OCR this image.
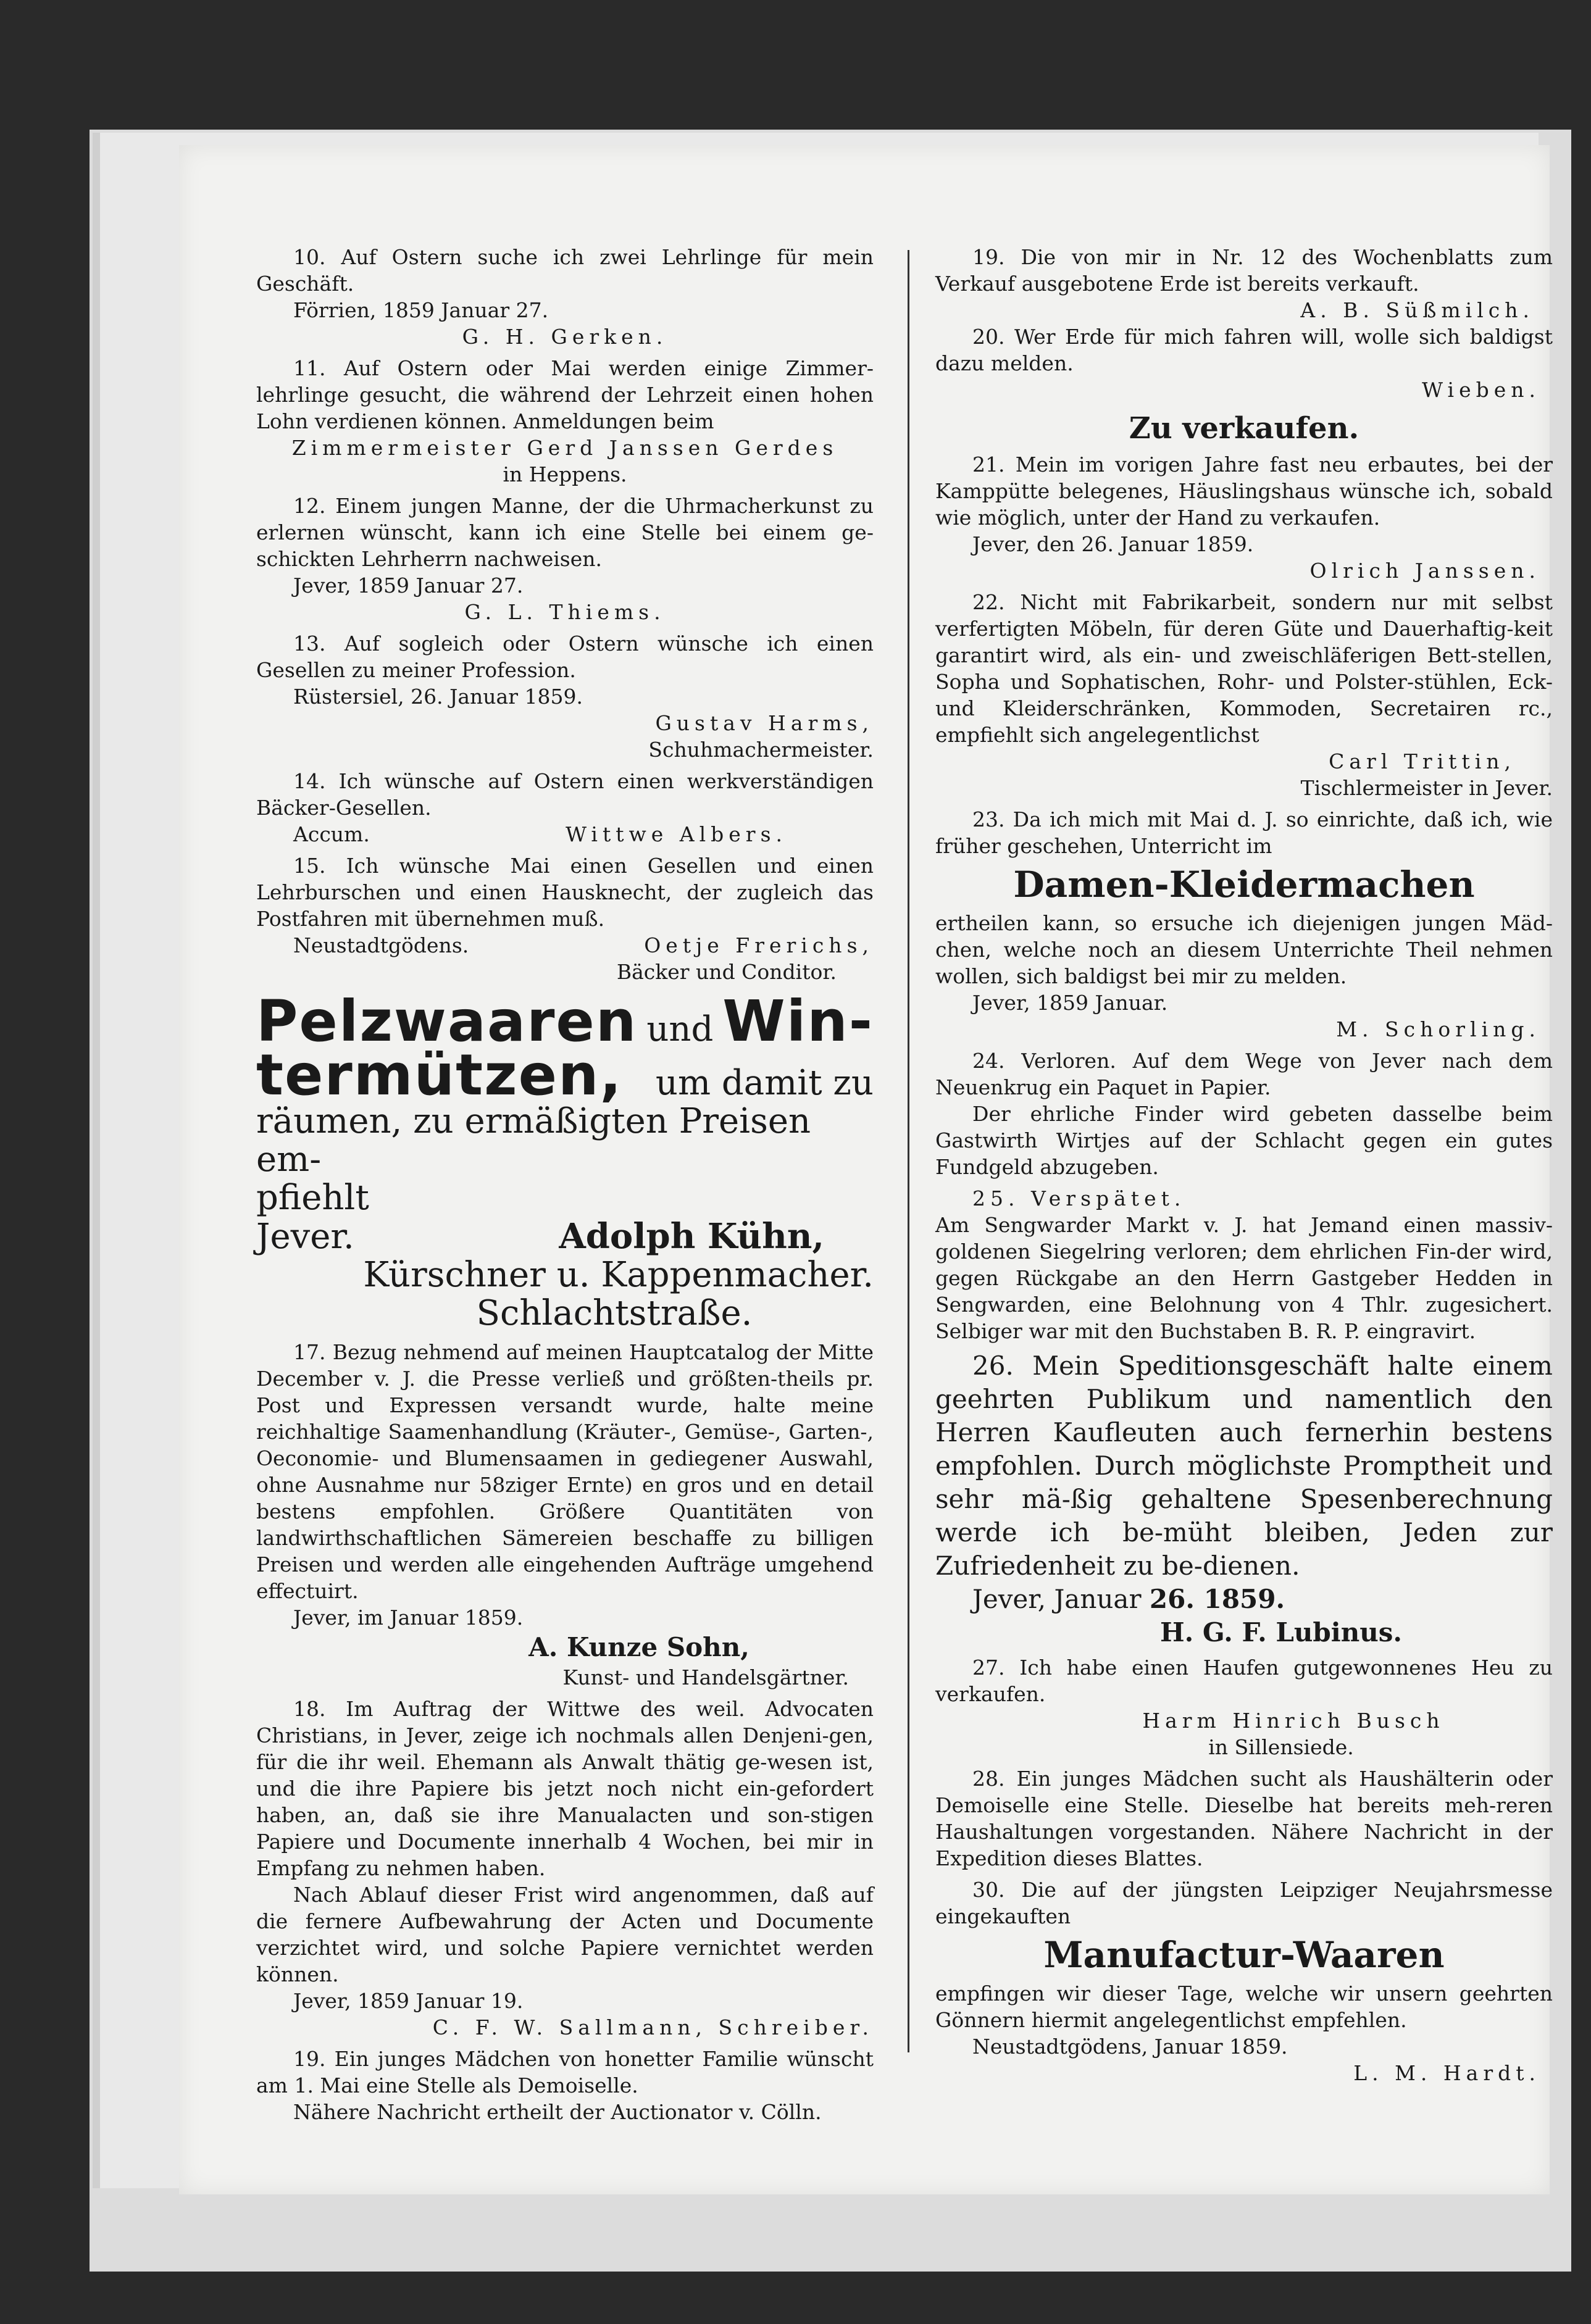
10. Auf Ostern suche ich zwei Lehrlinge für mein Geschäft.

Förrien, 1859 Januar 27.

G. H. Gerken.

11. Auf Ostern oder Mai werden einige Zimmer-lehrlinge gesucht, die während der Lehrzeit einen hohen Lohn verdienen können. Anmeldungen beim

Zimmermeister Gerd Janssen Gerdes

in Heppens.

12. Einem jungen Manne, der die Uhrmacherkunst zu erlernen wünscht, kann ich eine Stelle bei einem ge-schickten Lehrherrn nachweisen.

Jever, 1859 Januar 27.

G. L. Thiems.

13. Auf sogleich oder Ostern wünsche ich einen Gesellen zu meiner Profession.

Rüstersiel, 26. Januar 1859.

Gustav Harms,

Schuhmachermeister.

14. Ich wünsche auf Ostern einen werkverständigen Bäcker-Gesellen.

Accum.	Wittwe Albers.

15. Ich wünsche Mai einen Gesellen und einen Lehrburschen und einen Hausknecht, der zugleich das Postfahren mit übernehmen muß.

Neustadtgödens.	Oetje Frerichs,

Bäcker und Conditor.

Pelzwaaren und Win-
termützen, um damit zu

räumen, zu ermäßigten Preisen em-

pfiehlt

Jever.	Adolph Kühn,

Kürschner u. Kappenmacher.

Schlachtstraße.

17. Bezug nehmend auf meinen Hauptcatalog der Mitte December v. J. die Presse verließ und größten-theils pr. Post und Expressen versandt wurde, halte meine reichhaltige Saamenhandlung (Kräuter-, Gemüse-, Garten-, Oeconomie- und Blumensaamen in gediegener Auswahl, ohne Ausnahme nur 58ziger Ernte) en gros und en detail bestens empfohlen. Größere Quantitäten von landwirthschaftlichen Sämereien beschaffe zu billigen Preisen und werden alle eingehenden Aufträge umgehend effectuirt.

Jever, im Januar 1859.

A. Kunze Sohn,

Kunst- und Handelsgärtner.

18. Im Auftrag der Wittwe des weil. Advocaten Christians, in Jever, zeige ich nochmals allen Denjeni-gen, für die ihr weil. Ehemann als Anwalt thätig ge-wesen ist, und die ihre Papiere bis jetzt noch nicht ein-gefordert haben, an, daß sie ihre Manualacten und son-stigen Papiere und Documente innerhalb 4 Wochen, bei mir in Empfang zu nehmen haben.

Nach Ablauf dieser Frist wird angenommen, daß auf die fernere Aufbewahrung der Acten und Documente verzichtet wird, und solche Papiere vernichtet werden können.

Jever, 1859 Januar 19.

C. F. W. Sallmann, Schreiber.

19. Ein junges Mädchen von honetter Familie wünscht am 1. Mai eine Stelle als Demoiselle.

Nähere Nachricht ertheilt der Auctionator v. Cölln.

19. Die von mir in Nr. 12 des Wochenblatts zum Verkauf ausgebotene Erde ist bereits verkauft.

A. B. Süßmilch.

20. Wer Erde für mich fahren will, wolle sich baldigst dazu melden.

Wieben.

Zu verkaufen.

21. Mein im vorigen Jahre fast neu erbautes, bei der Kamppütte belegenes, Häuslingshaus wünsche ich, sobald wie möglich, unter der Hand zu verkaufen.

Jever, den 26. Januar 1859.

Olrich Janssen.

22. Nicht mit Fabrikarbeit, sondern nur mit selbst verfertigten Möbeln, für deren Güte und Dauerhaftig-keit garantirt wird, als ein- und zweischläferigen Bett-stellen, Sopha und Sophatischen, Rohr- und Polster-stühlen, Eck- und Kleiderschränken, Kommoden, Secretairen rc., empfiehlt sich angelegentlichst

Carl Trittin,

Tischlermeister in Jever.

23. Da ich mich mit Mai d. J. so einrichte, daß ich, wie früher geschehen, Unterricht im

Damen-Kleidermachen

ertheilen kann, so ersuche ich diejenigen jungen Mäd-chen, welche noch an diesem Unterrichte Theil nehmen wollen, sich baldigst bei mir zu melden.

Jever, 1859 Januar.

M. Schorling.

24. Verloren. Auf dem Wege von Jever nach dem Neuenkrug ein Paquet in Papier.

Der ehrliche Finder wird gebeten dasselbe beim Gastwirth Wirtjes auf der Schlacht gegen ein gutes Fundgeld abzugeben.

25. Verspätet.

Am Sengwarder Markt v. J. hat Jemand einen massiv-goldenen Siegelring verloren; dem ehrlichen Fin-der wird, gegen Rückgabe an den Herrn Gastgeber Hedden in Sengwarden, eine Belohnung von 4 Thlr. zugesichert. Selbiger war mit den Buchstaben B. R. P. eingravirt.

26. Mein Speditionsgeschäft halte einem geehrten Publikum und namentlich den Herren Kaufleuten auch fernerhin bestens empfohlen. Durch möglichste Promptheit und sehr mä-ßig gehaltene Spesenberechnung werde ich be-müht bleiben, Jeden zur Zufriedenheit zu be-dienen.

Jever, Januar 26. 1859.

H. G. F. Lubinus.

27. Ich habe einen Haufen gutgewonnenes Heu zu verkaufen.

Harm Hinrich Busch

in Sillensiede.

28. Ein junges Mädchen sucht als Haushälterin oder Demoiselle eine Stelle. Dieselbe hat bereits meh-reren Haushaltungen vorgestanden. Nähere Nachricht in der Expedition dieses Blattes.

30. Die auf der jüngsten Leipziger Neujahrsmesse eingekauften

Manufactur-Waaren

empfingen wir dieser Tage, welche wir unsern geehrten Gönnern hiermit angelegentlichst empfehlen.

Neustadtgödens, Januar 1859.

L. M. Hardt.
